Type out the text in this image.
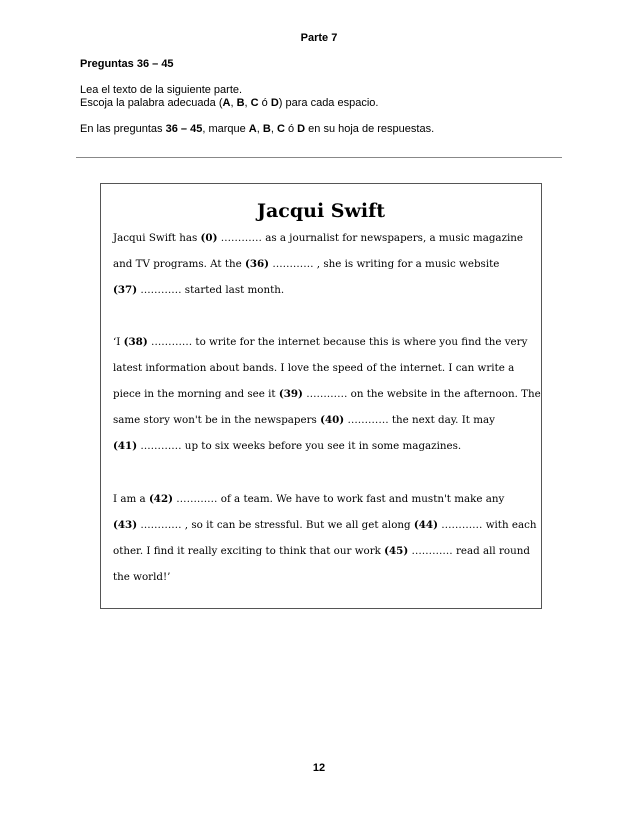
Parte 7
Preguntas 36 – 45
Lea el texto de la siguiente parte.
Escoja la palabra adecuada (A, B, C ó D) para cada espacio.
En las preguntas 36 – 45, marque A, B, C ó D en su hoja de respuestas.
Jacqui Swift
Jacqui Swift has (0) ………… as a journalist for newspapers, a music magazine
and TV programs. At the (36) ………… , she is writing for a music website
(37) ………… started last month.
‘I (38) ………… to write for the internet because this is where you find the very
latest information about bands. I love the speed of the internet. I can write a
piece in the morning and see it (39) ………… on the website in the afternoon. The
same story won't be in the newspapers (40) ………… the next day. It may
(41) ………… up to six weeks before you see it in some magazines.
I am a (42) ………… of a team. We have to work fast and mustn't make any
(43) ………… , so it can be stressful. But we all get along (44) ………… with each
other. I find it really exciting to think that our work (45) ………… read all round
the world!’
12
